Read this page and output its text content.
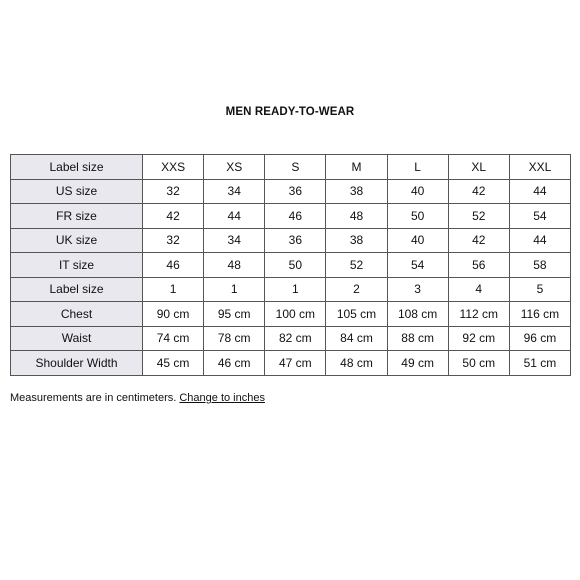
MEN READY-TO-WEAR
Label size	XXS	XS	S	M	L	XL	XXL
US size	32	34	36	38	40	42	44
FR size	42	44	46	48	50	52	54
UK size	32	34	36	38	40	42	44
IT size	46	48	50	52	54	56	58
Label size	1	1	1	2	3	4	5
Chest	90 cm	95 cm	100 cm	105 cm	108 cm	112 cm	116 cm
Waist	74 cm	78 cm	82 cm	84 cm	88 cm	92 cm	96 cm
Shoulder Width	45 cm	46 cm	47 cm	48 cm	49 cm	50 cm	51 cm
Measurements are in centimeters. Change to inches
